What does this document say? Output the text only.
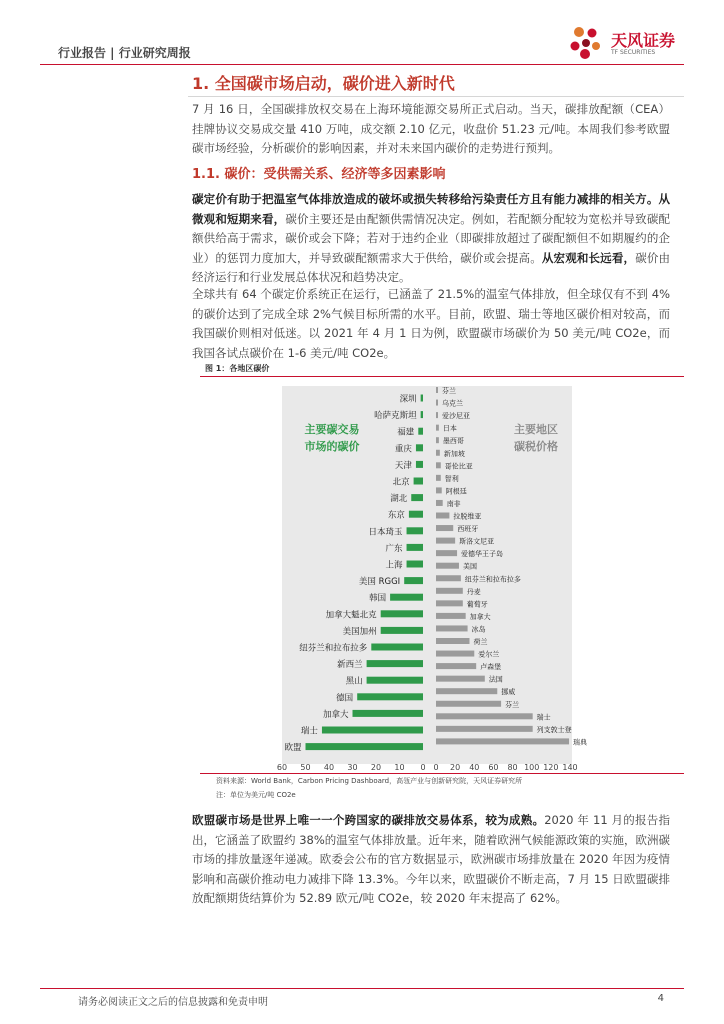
行业报告 | 行业研究周报
天风证券
TF SECURITIES
1. 全国碳市场启动，碳价进入新时代
7 月 16 日，全国碳排放权交易在上海环境能源交易所正式启动。当天，碳排放配额（CEA）挂牌协议交易成交量 410 万吨，成交额 2.10 亿元，收盘价 51.23 元/吨。本周我们参考欧盟碳市场经验，分析碳价的影响因素，并对未来国内碳价的走势进行预判。
1.1. 碳价：受供需关系、经济等多因素影响
碳定价有助于把温室气体排放造成的破坏或损失转移给污染责任方且有能力减排的相关方。从微观和短期来看，碳价主要还是由配额供需情况决定。例如，若配额分配较为宽松并导致碳配额供给高于需求，碳价或会下降；若对于违约企业（即碳排放超过了碳配额但不如期履约的企业）的惩罚力度加大，并导致碳配额需求大于供给，碳价或会提高。从宏观和长远看，碳价由经济运行和行业发展总体状况和趋势决定。
全球共有 64 个碳定价系统正在运行，已涵盖了 21.5%的温室气体排放，但全球仅有不到 4%的碳价达到了完成全球 2%气候目标所需的水平。目前，欧盟、瑞士等地区碳价相对较高，而我国碳价则相对低迷。以 2021 年 4 月 1 日为例，欧盟碳市场碳价为 50 美元/吨 CO2e，而我国各试点碳价在 1-6 美元/吨 CO2e。
图 1：各地区碳价
主要碳交易
市场的碳价
主要地区
碳税价格
深圳
哈萨克斯坦
福建
重庆
天津
北京
湖北
东京
日本琦玉
广东
上海
美国 RGGI
韩国
加拿大魁北克
美国加州
纽芬兰和拉布拉多
新西兰
黑山
德国
加拿大
瑞士
欧盟
芬兰
乌克兰
爱沙尼亚
日本
墨西哥
新加坡
哥伦比亚
智利
阿根廷
南非
拉脱维亚
西班牙
斯洛文尼亚
爱德华王子岛
美国
纽芬兰和拉布拉多
丹麦
葡萄牙
加拿大
冰岛
荷兰
爱尔兰
卢森堡
法国
挪威
芬兰
瑞士
列支敦士登
瑞典
60 50 40 30 20 10 0 0 20 40 60 80 100 120 140
资料来源：World Bank，Carbon Pricing Dashboard，高瓴产业与创新研究院，天风证券研究所
注：单位为美元/吨 CO2e
欧盟碳市场是世界上唯一一个跨国家的碳排放交易体系，较为成熟。2020 年 11 月的报告指出，它涵盖了欧盟约 38%的温室气体排放量。近年来，随着欧洲气候能源政策的实施，欧洲碳市场的排放量逐年递减。欧委会公布的官方数据显示，欧洲碳市场排放量在 2020 年因为疫情影响和高碳价推动电力减排下降 13.3%。今年以来，欧盟碳价不断走高，7 月 15 日欧盟碳排放配额期货结算价为 52.89 欧元/吨 CO2e，较 2020 年末提高了 62%。
请务必阅读正文之后的信息披露和免责申明	4
